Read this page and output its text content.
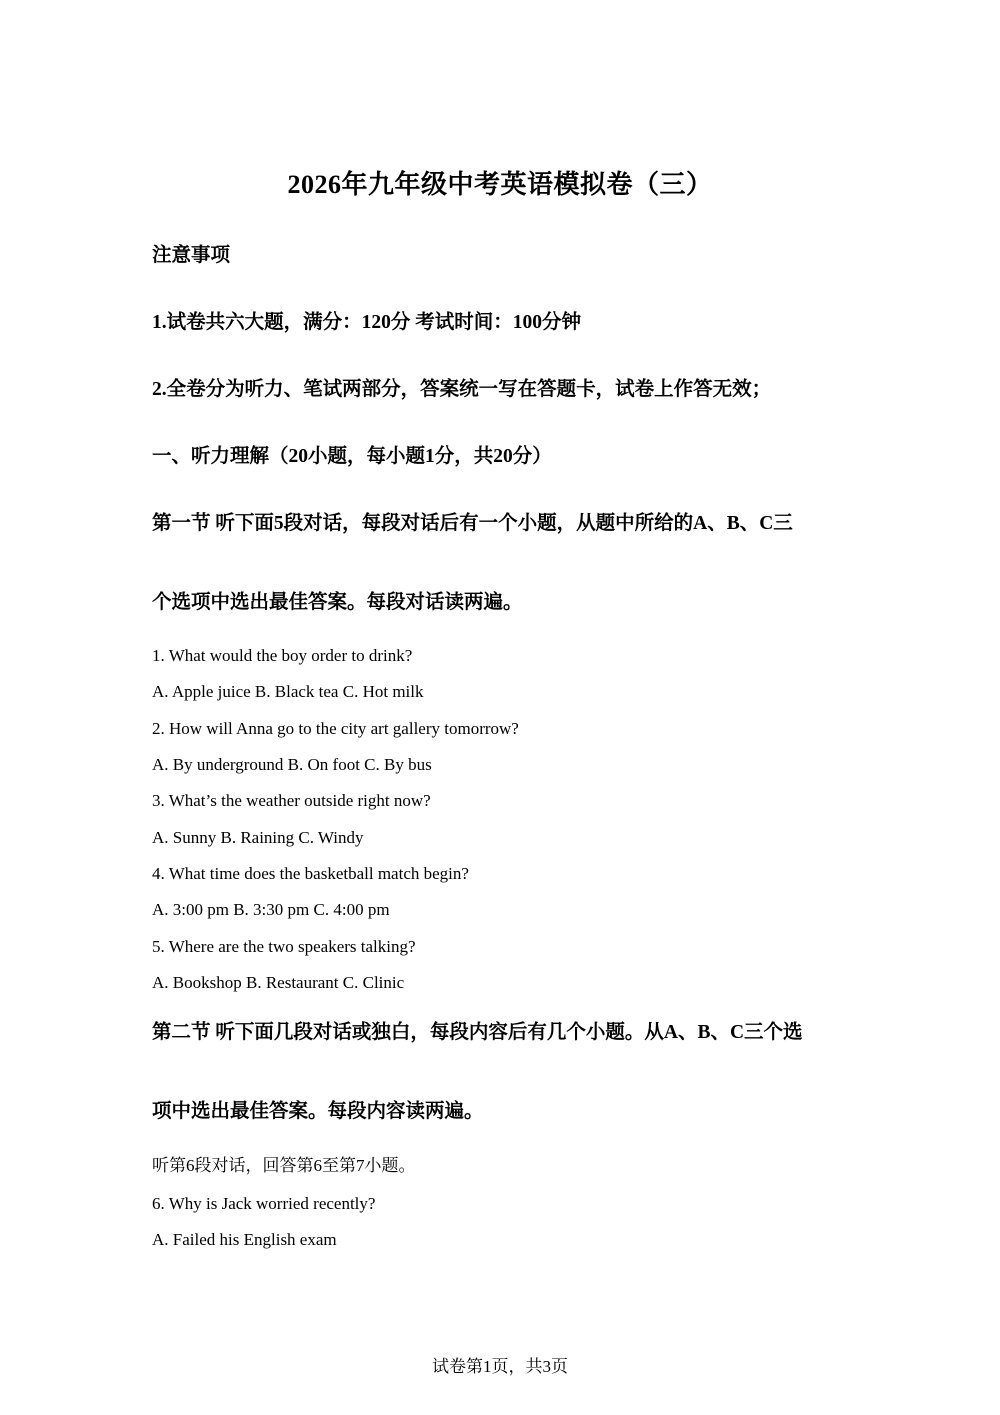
2026年九年级中考英语模拟卷（三）
注意事项
1.试卷共六大题，满分：120分 考试时间：100分钟
2.全卷分为听力、笔试两部分，答案统一写在答题卡，试卷上作答无效；
一、听力理解（20小题，每小题1分，共20分）
第一节 听下面5段对话，每段对话后有一个小题，从题中所给的A、B、C三
个选项中选出最佳答案。每段对话读两遍。
1. What would the boy order to drink?
A. Apple juice B. Black tea C. Hot milk
2. How will Anna go to the city art gallery tomorrow?
A. By underground B. On foot C. By bus
3. What’s the weather outside right now?
A. Sunny B. Raining C. Windy
4. What time does the basketball match begin?
A. 3:00 pm B. 3:30 pm C. 4:00 pm
5. Where are the two speakers talking?
A. Bookshop B. Restaurant C. Clinic
第二节 听下面几段对话或独白，每段内容后有几个小题。从A、B、C三个选
项中选出最佳答案。每段内容读两遍。
听第6段对话，回答第6至第7小题。
6. Why is Jack worried recently?
A. Failed his English exam
试卷第1页，共3页
